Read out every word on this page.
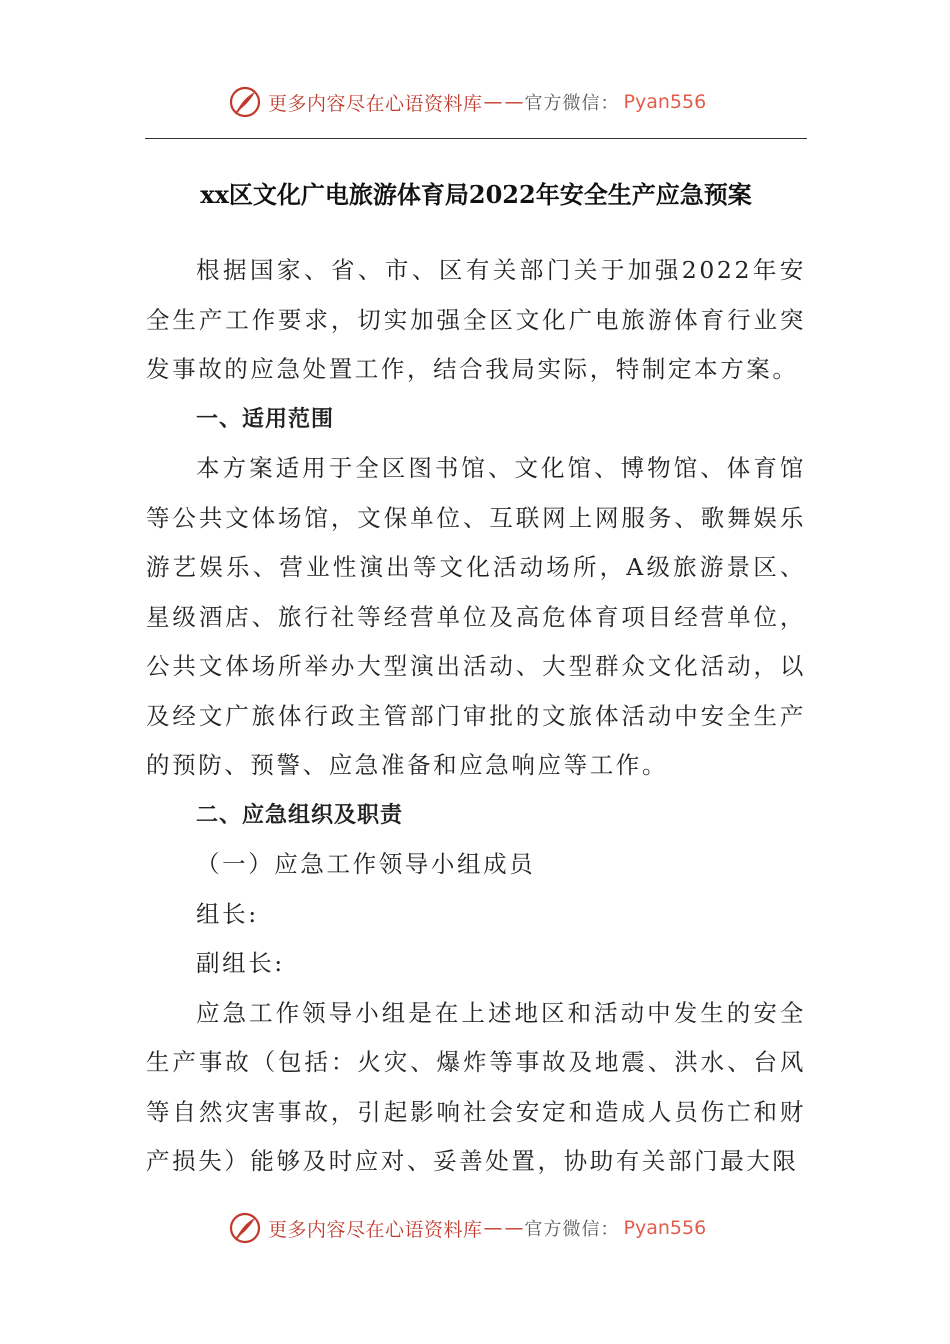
更多内容尽在心语资料库 — — 官方微信： Pyan556
xx区文化广电旅游体育局2022年安全生产应急预案

根据国家、省、市、区有关部门关于加强2022年安全生产工作要求，切实加强全区文化广电旅游体育行业突发事故的应急处置工作，结合我局实际，特制定本方案。

一、适用范围

本方案适用于全区图书馆、文化馆、博物馆、体育馆等公共文体场馆，文保单位、互联网上网服务、歌舞娱乐游艺娱乐、营业性演出等文化活动场所，A级旅游景区、星级酒店、旅行社等经营单位及高危体育项目经营单位，公共文体场所举办大型演出活动、大型群众文化活动，以及经文广旅体行政主管部门审批的文旅体活动中安全生产的预防、预警、应急准备和应急响应等工作。

二、应急组织及职责

（一）应急工作领导小组成员

组长:

副组长:

应急工作领导小组是在上述地区和活动中发生的安全生产事故（包括：火灾、爆炸等事故及地震、洪水、台风等自然灾害事故，引起影响社会安定和造成人员伤亡和财产损失）能够及时应对、妥善处置，协助有关部门最大限

更多内容尽在心语资料库 — — 官方微信： Pyan556
